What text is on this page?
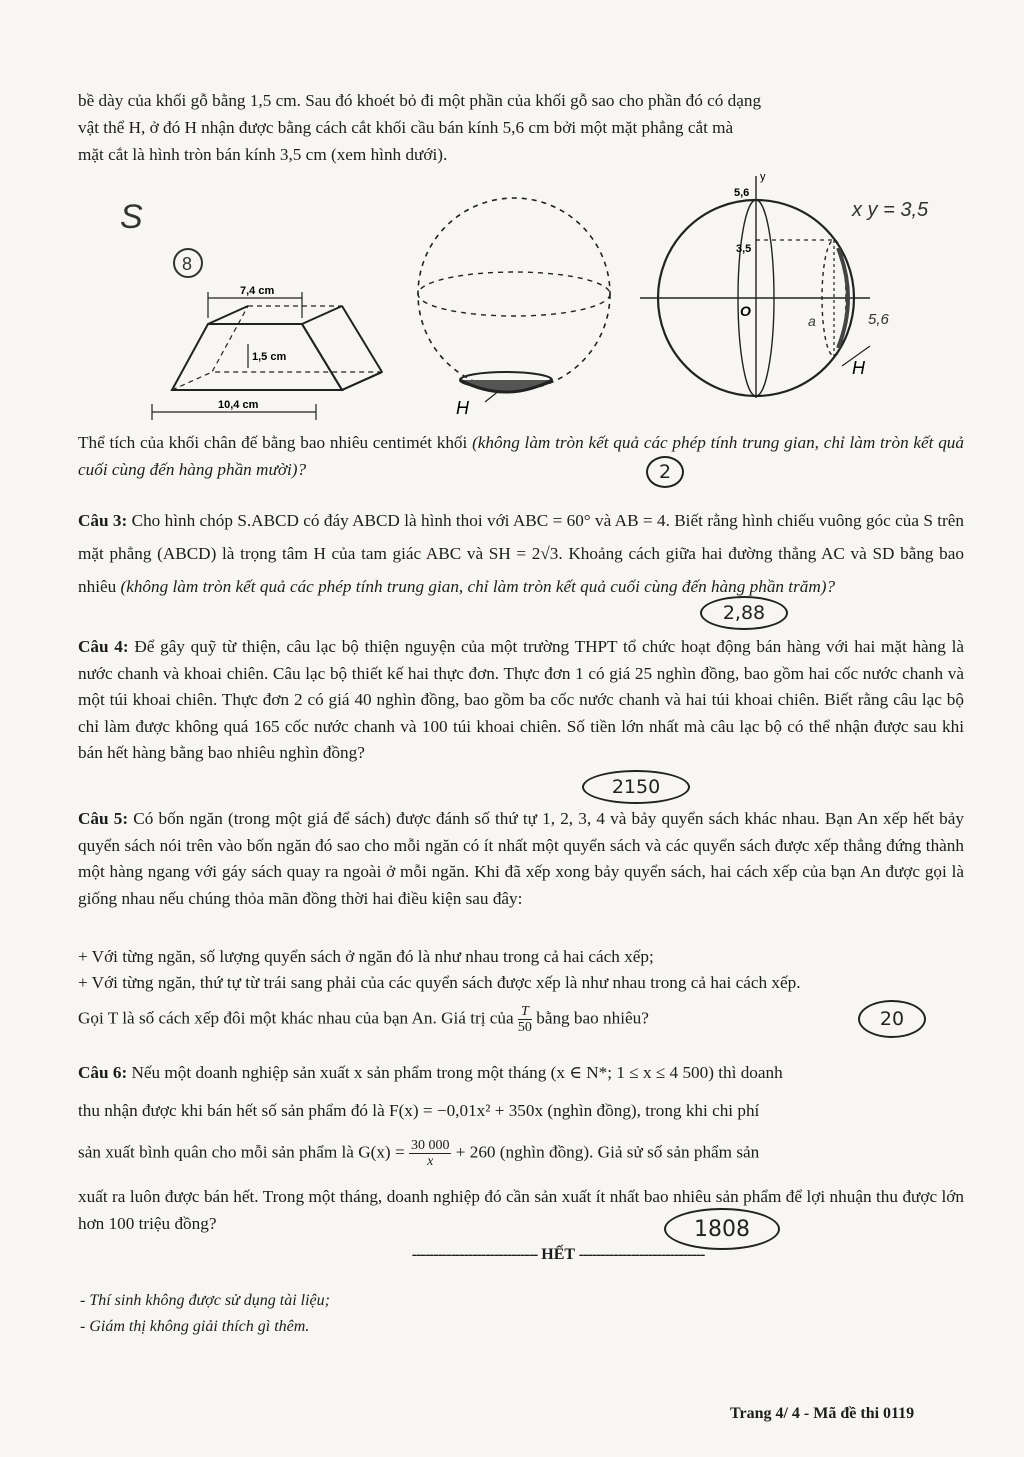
bề dày của khối gỗ bằng 1,5 cm. Sau đó khoét bỏ đi một phần của khối gỗ sao cho phần đó có dạng
vật thể H, ở đó H nhận được bằng cách cắt khối cầu bán kính 5,6 cm bởi một mặt phẳng cắt mà
mặt cắt là hình tròn bán kính 3,5 cm (xem hình dưới).
S
8
7,4 cm
1,5 cm
10,4 cm	H
y
5,6
3,5
O
H
x y = 3,5
5,6
a
Thể tích của khối chân đế bằng bao nhiêu centimét khối (không làm tròn kết quả các phép tính trung gian, chỉ làm tròn kết quả cuối cùng đến hàng phần mười)?	2
Câu 3: Cho hình chóp S.ABCD có đáy ABCD là hình thoi với ABC = 60° và AB = 4. Biết rằng hình chiếu vuông góc của S trên mặt phẳng (ABCD) là trọng tâm H của tam giác ABC và SH = 2√3. Khoảng cách giữa hai đường thẳng AC và SD bằng bao nhiêu (không làm tròn kết quả các phép tính trung gian, chỉ làm tròn kết quả cuối cùng đến hàng phần trăm)?
2,88
Câu 4: Để gây quỹ từ thiện, câu lạc bộ thiện nguyện của một trường THPT tổ chức hoạt động bán hàng với hai mặt hàng là nước chanh và khoai chiên. Câu lạc bộ thiết kế hai thực đơn. Thực đơn 1 có giá 25 nghìn đồng, bao gồm hai cốc nước chanh và một túi khoai chiên. Thực đơn 2 có giá 40 nghìn đồng, bao gồm ba cốc nước chanh và hai túi khoai chiên. Biết rằng câu lạc bộ chỉ làm được không quá 165 cốc nước chanh và 100 túi khoai chiên. Số tiền lớn nhất mà câu lạc bộ có thể nhận được sau khi bán hết hàng bằng bao nhiêu nghìn đồng?
2150
Câu 5: Có bốn ngăn (trong một giá để sách) được đánh số thứ tự 1, 2, 3, 4 và bảy quyển sách khác nhau. Bạn An xếp hết bảy quyển sách nói trên vào bốn ngăn đó sao cho mỗi ngăn có ít nhất một quyển sách và các quyển sách được xếp thẳng đứng thành một hàng ngang với gáy sách quay ra ngoài ở mỗi ngăn. Khi đã xếp xong bảy quyển sách, hai cách xếp của bạn An được gọi là giống nhau nếu chúng thỏa mãn đồng thời hai điều kiện sau đây:
+ Với từng ngăn, số lượng quyển sách ở ngăn đó là như nhau trong cả hai cách xếp;
+ Với từng ngăn, thứ tự từ trái sang phải của các quyển sách được xếp là như nhau trong cả hai cách xếp.
Gọi T là số cách xếp đôi một khác nhau của bạn An. Giá trị của $\frac{T}{50}$ bằng bao nhiêu?	20
Câu 6: Nếu một doanh nghiệp sản xuất x sản phẩm trong một tháng (x ∈ N*; 1 ≤ x ≤ 4 500) thì doanh
thu nhận được khi bán hết số sản phẩm đó là F(x) = −0,01x² + 350x (nghìn đồng), trong khi chi phí
sản xuất bình quân cho mỗi sản phẩm là $G(x) = \frac{30 000}{x} + 260$ (nghìn đồng). Giả sử số sản phẩm sản
xuất ra luôn được bán hết. Trong một tháng, doanh nghiệp đó cần sản xuất ít nhất bao nhiêu sản phẩm để lợi nhuận thu được lớn hơn 100 triệu đồng?	1808
----------------------------- HẾT -----------------------------
- Thí sinh không được sử dụng tài liệu;
- Giám thị không giải thích gì thêm.
Trang 4/ 4 - Mã đề thi 0119
